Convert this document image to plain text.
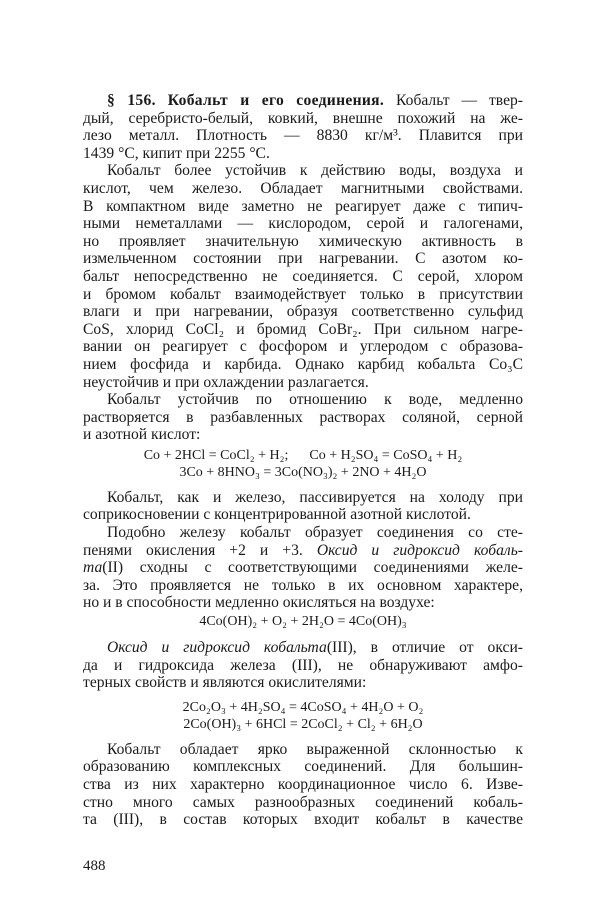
§ 156. Кобальт и его соединения. Кобальт — твер-
дый, серебристо-белый, ковкий, внешне похожий на же-
лезо металл. Плотность — 8830 кг/м³. Плавится при
1439 °С, кипит при 2255 °С.
Кобальт более устойчив к действию воды, воздуха и
кислот, чем железо. Обладает магнитными свойствами.
В компактном виде заметно не реагирует даже с типич-
ными неметаллами — кислородом, серой и галогенами,
но проявляет значительную химическую активность в
измельченном состоянии при нагревании. С азотом ко-
бальт непосредственно не соединяется. С серой, хлором
и бромом кобальт взаимодействует только в присутствии
влаги и при нагревании, образуя соответственно сульфид
CoS, хлорид CoCl₂ и бромид CoBr₂. При сильном нагре-
вании он реагирует с фосфором и углеродом с образова-
нием фосфида и карбида. Однако карбид кобальта Co₃C
неустойчив и при охлаждении разлагается.
Кобальт устойчив по отношению к воде, медленно
растворяется в разбавленных растворах соляной, серной
и азотной кислот:
Co + 2HCl = CoCl₂ + H₂;      Co + H₂SO₄ = CoSO₄ + H₂
3Co + 8HNO₃ = 3Co(NO₃)₂ + 2NO + 4H₂O
Кобальт, как и железо, пассивируется на холоду при
соприкосновении с концентрированной азотной кислотой.
Подобно железу кобальт образует соединения со сте-
пенями окисления +2 и +3. Оксид и гидроксид кобаль-
та(II) сходны с соответствующими соединениями желе-
за. Это проявляется не только в их основном характере,
но и в способности медленно окисляться на воздухе:
4Co(OH)₂ + O₂ + 2H₂O = 4Co(OH)₃
Оксид и гидроксид кобальта(III), в отличие от окси-
да и гидроксида железа (III), не обнаруживают амфо-
терных свойств и являются окислителями:
2Co₂O₃ + 4H₂SO₄ = 4CoSO₄ + 4H₂O + O₂
2Co(OH)₃ + 6HCl = 2CoCl₂ + Cl₂ + 6H₂O
Кобальт обладает ярко выраженной склонностью к
образованию комплексных соединений. Для большин-
ства из них характерно координационное число 6. Изве-
стно много самых разнообразных соединений кобаль-
та (III), в состав которых входит кобальт в качестве
488
